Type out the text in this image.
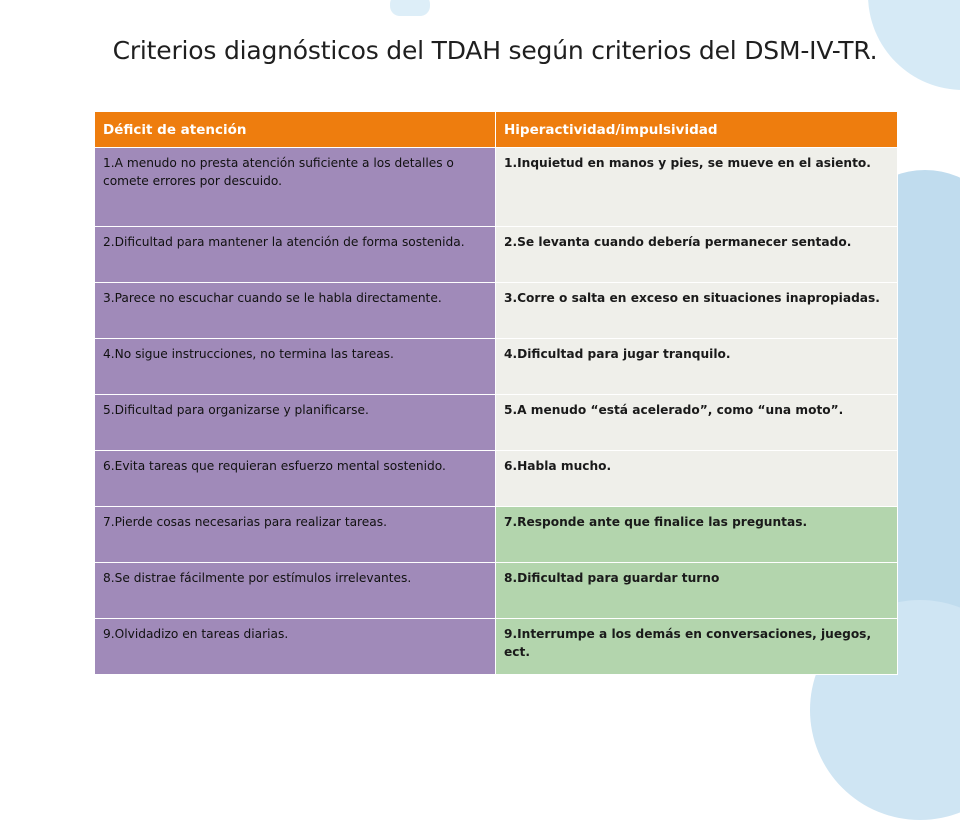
Criterios diagnósticos del TDAH según criterios del DSM-IV-TR.
Déficit de atención	Hiperactividad/impulsividad
1.A menudo no presta atención suficiente a los detalles o comete errores por descuido.	1.Inquietud en manos y pies, se mueve en el asiento.
2.Dificultad para mantener la atención de forma sostenida.	2.Se levanta cuando debería permanecer sentado.
3.Parece no escuchar cuando se le habla directamente.	3.Corre o salta en exceso en situaciones inapropiadas.
4.No sigue instrucciones, no termina las tareas.	4.Dificultad para jugar tranquilo.
5.Dificultad para organizarse y planificarse.	5.A menudo “está acelerado”, como “una moto”.
6.Evita tareas que requieran esfuerzo mental sostenido.	6.Habla mucho.
7.Pierde cosas necesarias para realizar tareas.	7.Responde ante que finalice las preguntas.
8.Se distrae fácilmente por estímulos irrelevantes.	8.Dificultad para guardar turno
9.Olvidadizo en tareas diarias.	9.Interrumpe a los demás en conversaciones, juegos, ect.
